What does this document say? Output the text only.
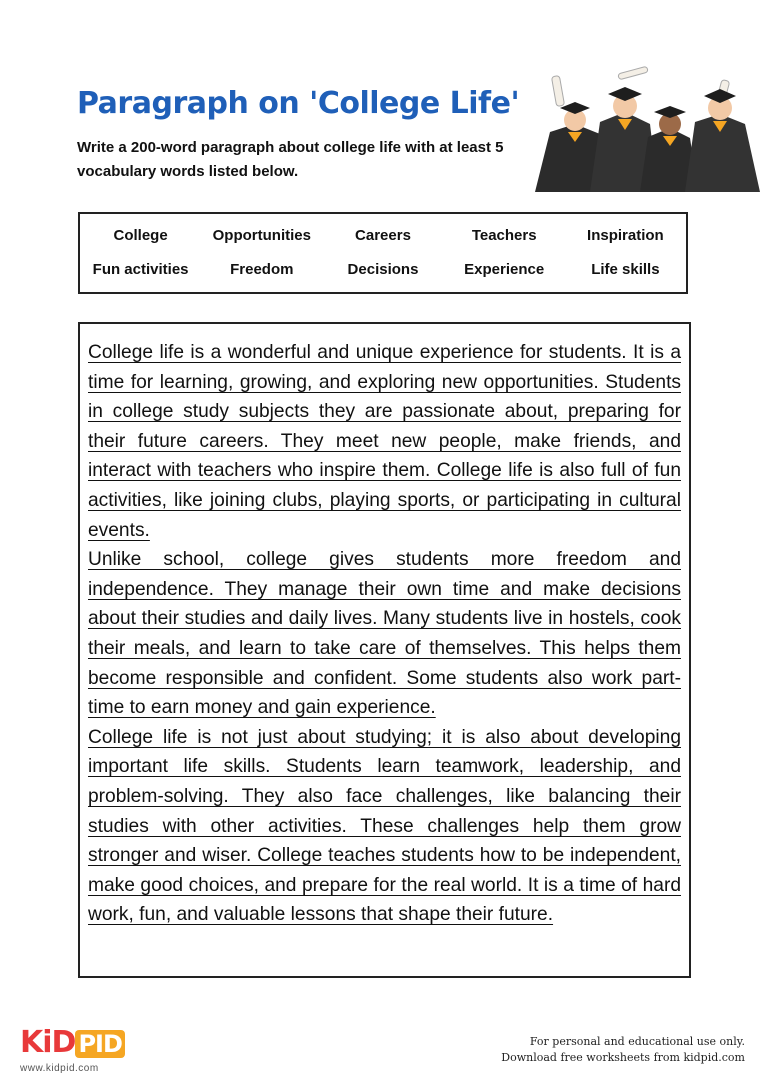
Paragraph on 'College Life'

Write a 200-word paragraph about college life with at least 5 vocabulary words listed below.

College	Opportunities	Careers	Teachers	Inspiration
Fun activities	Freedom	Decisions	Experience	Life skills

College life is a wonderful and unique experience for students. It is a time for learning, growing, and exploring new opportunities. Students in college study subjects they are passionate about, preparing for their future careers. They meet new people, make friends, and interact with teachers who inspire them. College life is also full of fun activities, like joining clubs, playing sports, or participating in cultural events.

Unlike school, college gives students more freedom and independence. They manage their own time and make decisions about their studies and daily lives. Many students live in hostels, cook their meals, and learn to take care of themselves. This helps them become responsible and confident. Some students also work part-time to earn money and gain experience.

College life is not just about studying; it is also about developing important life skills. Students learn teamwork, leadership, and problem-solving. They also face challenges, like balancing their studies with other activities. These challenges help them grow stronger and wiser. College teaches students how to be independent, make good choices, and prepare for the real world. It is a time of hard work, fun, and valuable lessons that shape their future.

KiD PID
www.kidpid.com
For personal and educational use only.
Download free worksheets from kidpid.com
